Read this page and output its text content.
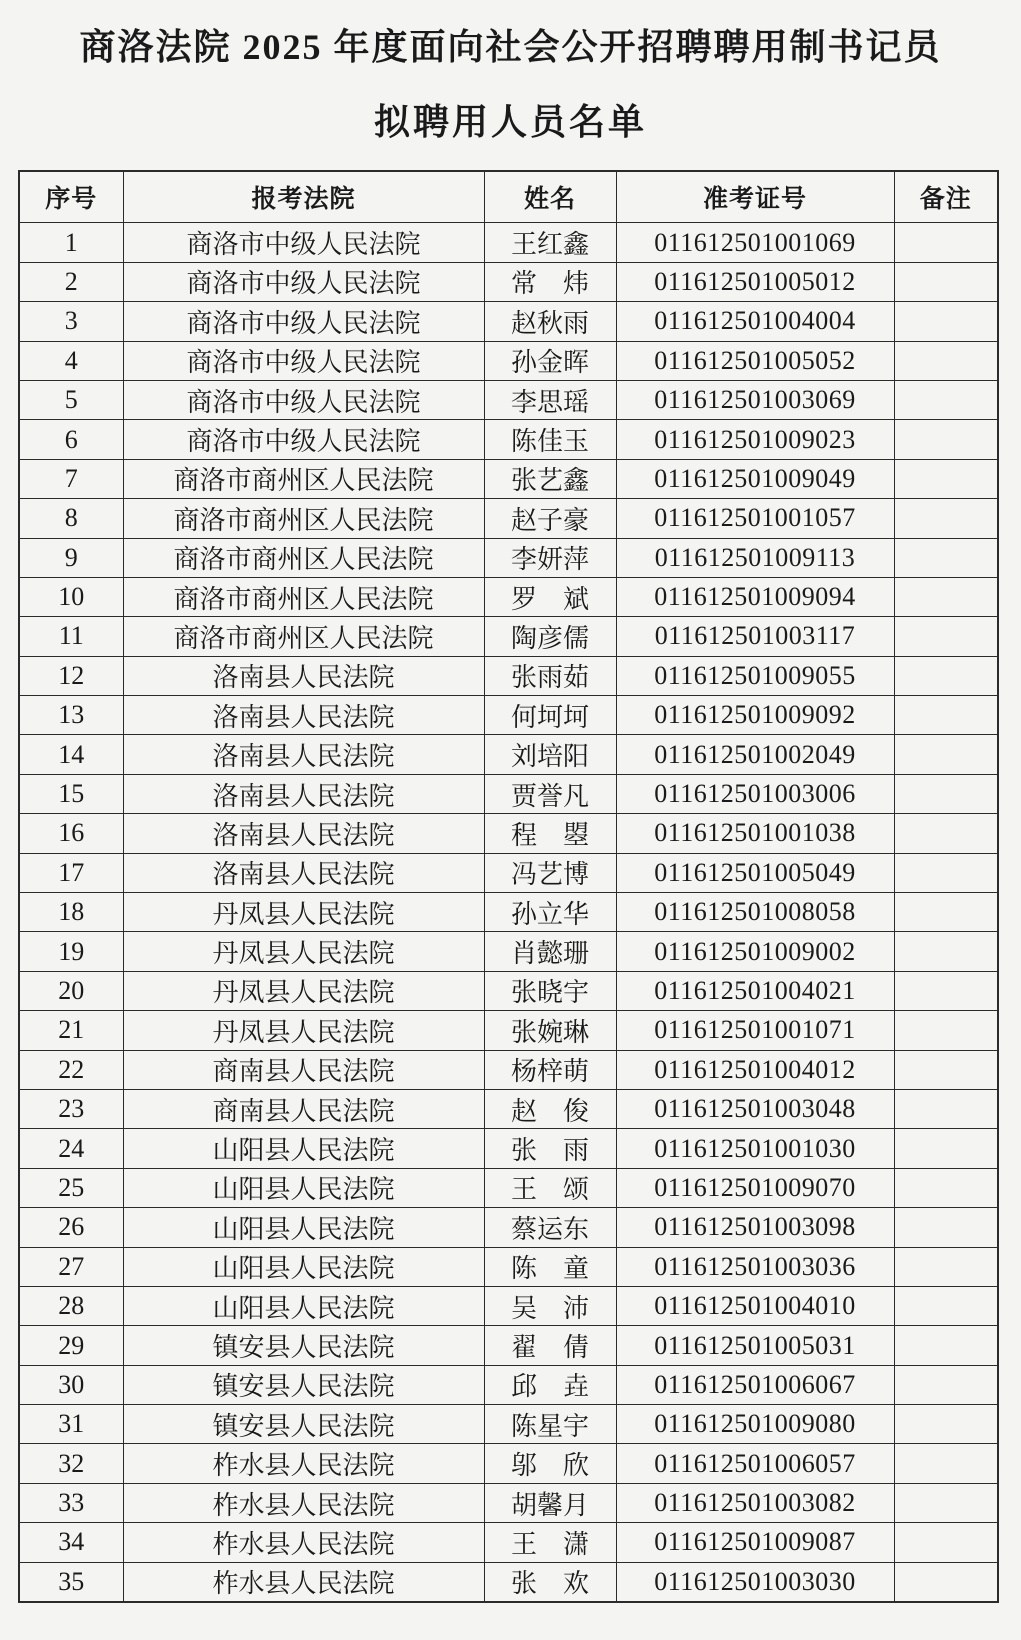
商洛法院 2025 年度面向社会公开招聘聘用制书记员
拟聘用人员名单
序号	报考法院	姓名	准考证号	备注
1	商洛市中级人民法院	王红鑫	011612501001069	
2	商洛市中级人民法院	常　炜	011612501005012	
3	商洛市中级人民法院	赵秋雨	011612501004004	
4	商洛市中级人民法院	孙金晖	011612501005052	
5	商洛市中级人民法院	李思瑶	011612501003069	
6	商洛市中级人民法院	陈佳玉	011612501009023	
7	商洛市商州区人民法院	张艺鑫	011612501009049	
8	商洛市商州区人民法院	赵子豪	011612501001057	
9	商洛市商州区人民法院	李妍萍	011612501009113	
10	商洛市商州区人民法院	罗　斌	011612501009094	
11	商洛市商州区人民法院	陶彦儒	011612501003117	
12	洛南县人民法院	张雨茹	011612501009055	
13	洛南县人民法院	何坷坷	011612501009092	
14	洛南县人民法院	刘培阳	011612501002049	
15	洛南县人民法院	贾誉凡	011612501003006	
16	洛南县人民法院	程　曌	011612501001038	
17	洛南县人民法院	冯艺博	011612501005049	
18	丹凤县人民法院	孙立华	011612501008058	
19	丹凤县人民法院	肖懿珊	011612501009002	
20	丹凤县人民法院	张晓宇	011612501004021	
21	丹凤县人民法院	张婉琳	011612501001071	
22	商南县人民法院	杨梓萌	011612501004012	
23	商南县人民法院	赵　俊	011612501003048	
24	山阳县人民法院	张　雨	011612501001030	
25	山阳县人民法院	王　颂	011612501009070	
26	山阳县人民法院	蔡运东	011612501003098	
27	山阳县人民法院	陈　童	011612501003036	
28	山阳县人民法院	吴　沛	011612501004010	
29	镇安县人民法院	翟　倩	011612501005031	
30	镇安县人民法院	邱　垚	011612501006067	
31	镇安县人民法院	陈星宇	011612501009080	
32	柞水县人民法院	邬　欣	011612501006057	
33	柞水县人民法院	胡馨月	011612501003082	
34	柞水县人民法院	王　潇	011612501009087	
35	柞水县人民法院	张　欢	011612501003030	
